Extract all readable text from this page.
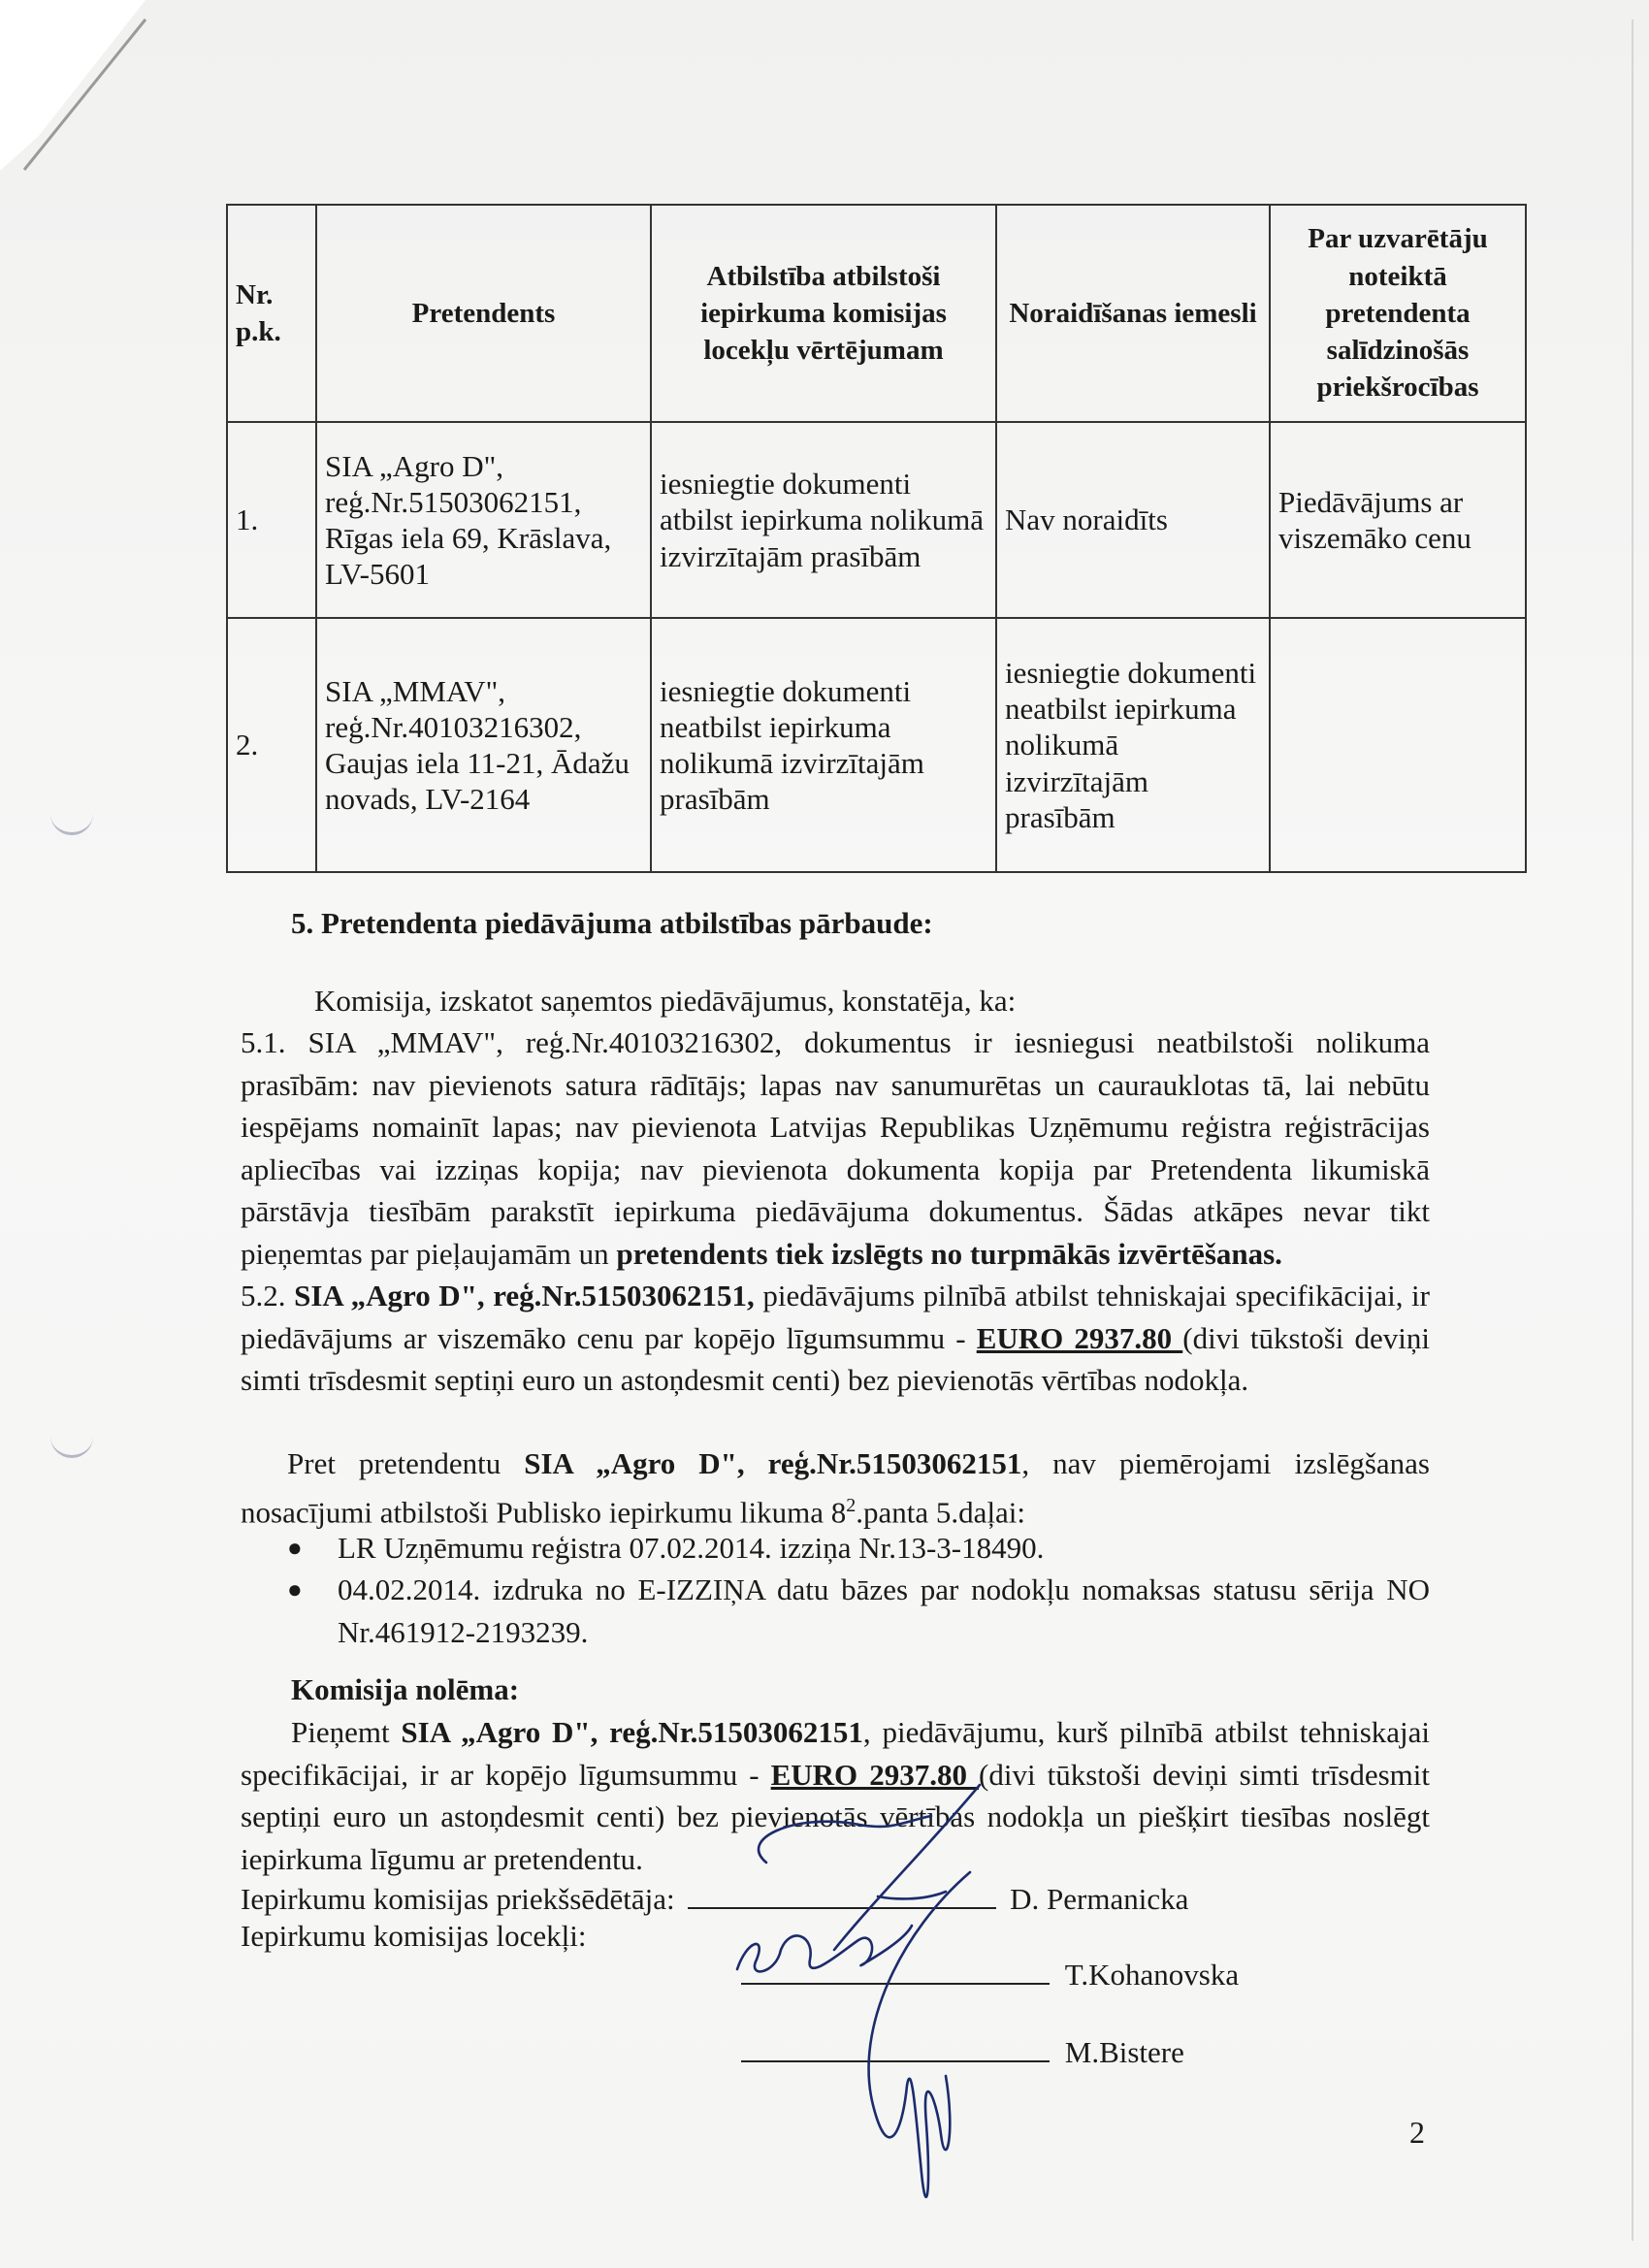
Nr. p.k.	Pretendents	Atbilstība atbilstoši iepirkuma komisijas locekļu vērtējumam	Noraidīšanas iemesli	Par uzvarētāju noteiktā pretendenta salīdzinošās priekšrocības
1.	SIA „Agro D", reģ.Nr.51503062151, Rīgas iela 69, Krāslava, LV-5601	iesniegtie dokumenti atbilst iepirkuma nolikumā izvirzītajām prasībām	Nav noraidīts	Piedāvājums ar viszemāko cenu
2.	SIA „MMAV", reģ.Nr.40103216302, Gaujas iela 11-21, Ādažu novads, LV-2164	iesniegtie dokumenti neatbilst iepirkuma nolikumā izvirzītajām prasībām	iesniegtie dokumenti neatbilst iepirkuma nolikumā izvirzītajām prasībām	
5. Pretendenta piedāvājuma atbilstības pārbaude:
Komisija, izskatot saņemtos piedāvājumus, konstatēja, ka:
5.1. SIA „MMAV", reģ.Nr.40103216302, dokumentus ir iesniegusi neatbilstoši nolikuma prasībām: nav pievienots satura rādītājs; lapas nav sanumurētas un caurauklotas tā, lai nebūtu iespējams nomainīt lapas; nav pievienota Latvijas Republikas Uzņēmumu reģistra reģistrācijas apliecības vai izziņas kopija; nav pievienota dokumenta kopija par Pretendenta likumiskā pārstāvja tiesībām parakstīt iepirkuma piedāvājuma dokumentus. Šādas atkāpes nevar tikt pieņemtas par pieļaujamām un pretendents tiek izslēgts no turpmākās izvērtēšanas.
5.2. SIA „Agro D", reģ.Nr.51503062151, piedāvājums pilnībā atbilst tehniskajai specifikācijai, ir piedāvājums ar viszemāko cenu par kopējo līgumsummu - EURO 2937.80 (divi tūkstoši deviņi simti trīsdesmit septiņi euro un astoņdesmit centi) bez pievienotās vērtības nodokļa.
Pret pretendentu SIA „Agro D", reģ.Nr.51503062151, nav piemērojami izslēgšanas nosacījumi atbilstoši Publisko iepirkumu likuma $8^2.panta$ 5.daļai:
● LR Uzņēmumu reģistra 07.02.2014. izziņa Nr.13-3-18490.
● 04.02.2014. izdruka no E-IZZIŅA datu bāzes par nodokļu nomaksas statusu sērija NO Nr.461912-2193239.
Komisija nolēma:
Pieņemt SIA „Agro D", reģ.Nr.51503062151, piedāvājumu, kurš pilnībā atbilst tehniskajai specifikācijai, ir ar kopējo līgumsummu - EURO 2937.80 (divi tūkstoši deviņi simti trīsdesmit septiņi euro un astoņdesmit centi) bez pievienotās vērtības nodokļa un piešķirt tiesības noslēgt iepirkuma līgumu ar pretendentu.
Iepirkumu komisijas priekšsēdētāja:	D. Permanicka
Iepirkumu komisijas locekļi:
T.Kohanovska
M.Bistere
2
